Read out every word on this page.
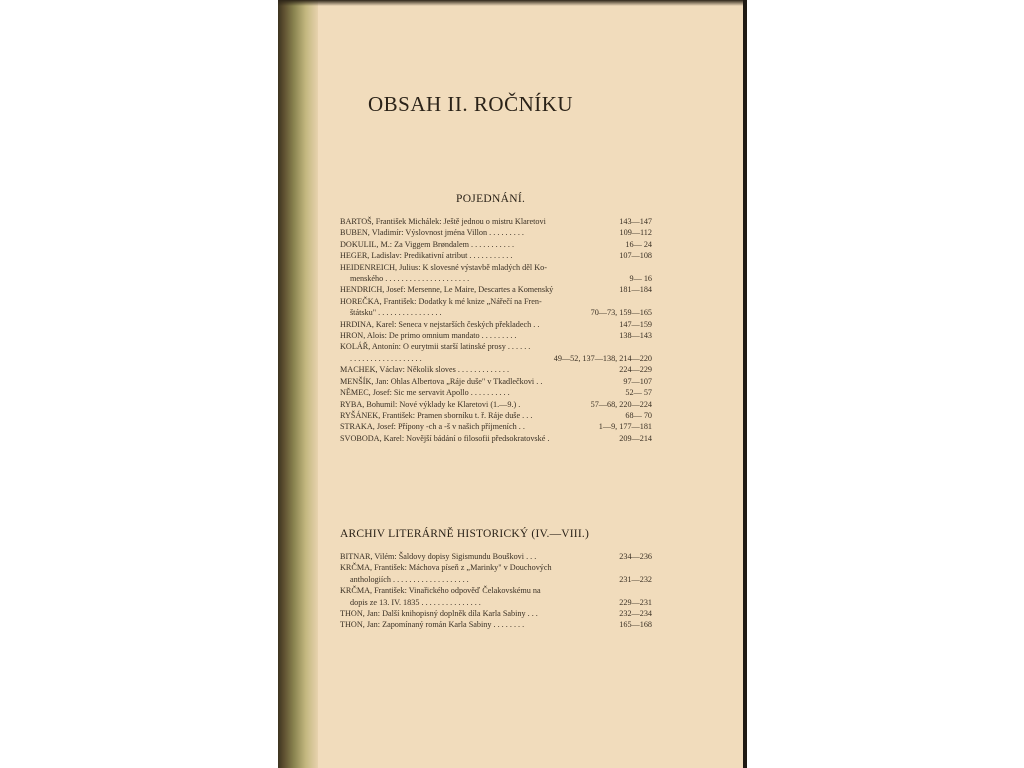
OBSAH II. ROČNÍKU
POJEDNÁNÍ.
BARTOŠ, František Michálek: Ještě jednou o mistru Klaretovi	143—147
BUBEN, Vladimír: Výslovnost jména Villon . . . . . . . . .	109—112
DOKULIL, M.: Za Viggem Brøndalem . . . . . . . . . . .	16— 24
HEGER, Ladislav: Predikativní atribut . . . . . . . . . . .	107—108
HEIDENREICH, Julius: K slovesné výstavbě mladých děl Ko-
menského . . . . . . . . . . . . . . . . . . . . .	9— 16
HENDRICH, Josef: Mersenne, Le Maire, Descartes a Komenský	181—184
HOREČKA, František: Dodatky k mé knize „Nářečí na Fren-
štátsku" . . . . . . . . . . . . . . . .	70—73, 159—165
HRDINA, Karel: Seneca v nejstarších českých překladech . .	147—159
HRON, Alois: De primo omnium mandato . . . . . . . . .	138—143
KOLÁŘ, Antonín: O eurytmii starší latinské prosy . . . . . .
. . . . . . . . . . . . . . . . . .	49—52, 137—138, 214—220
MACHEK, Václav: Několik sloves . . . . . . . . . . . . .	224—229
MENŠÍK, Jan: Ohlas Albertova „Ráje duše" v Tkadlečkovi . .	97—107
NĚMEC, Josef: Sic me servavit Apollo . . . . . . . . . .	52— 57
RYBA, Bohumil: Nové výklady ke Klaretovi (1.—9.) .	57—68, 220—224
RYŠÁNEK, František: Pramen sborníku t. ř. Ráje duše . . .	68— 70
STRAKA, Josef: Přípony -ch a -š v našich příjmeních . .	1—9, 177—181
SVOBODA, Karel: Novější bádání o filosofii předsokratovské .	209—214
ARCHIV LITERÁRNĚ HISTORICKÝ (IV.—VIII.)
BITNAR, Vilém: Šaldovy dopisy Sigismundu Bouškovi . . .	234—236
KRČMA, František: Máchova píseň z „Marinky" v Douchových
anthologiích . . . . . . . . . . . . . . . . . . .	231—232
KRČMA, František: Vinařického odpověď Čelakovskému na
dopis ze 13. IV. 1835 . . . . . . . . . . . . . . .	229—231
THON, Jan: Další knihopisný doplněk díla Karla Sabiny . . .	232—234
THON, Jan: Zapomínaný román Karla Sabiny . . . . . . . .	165—168
